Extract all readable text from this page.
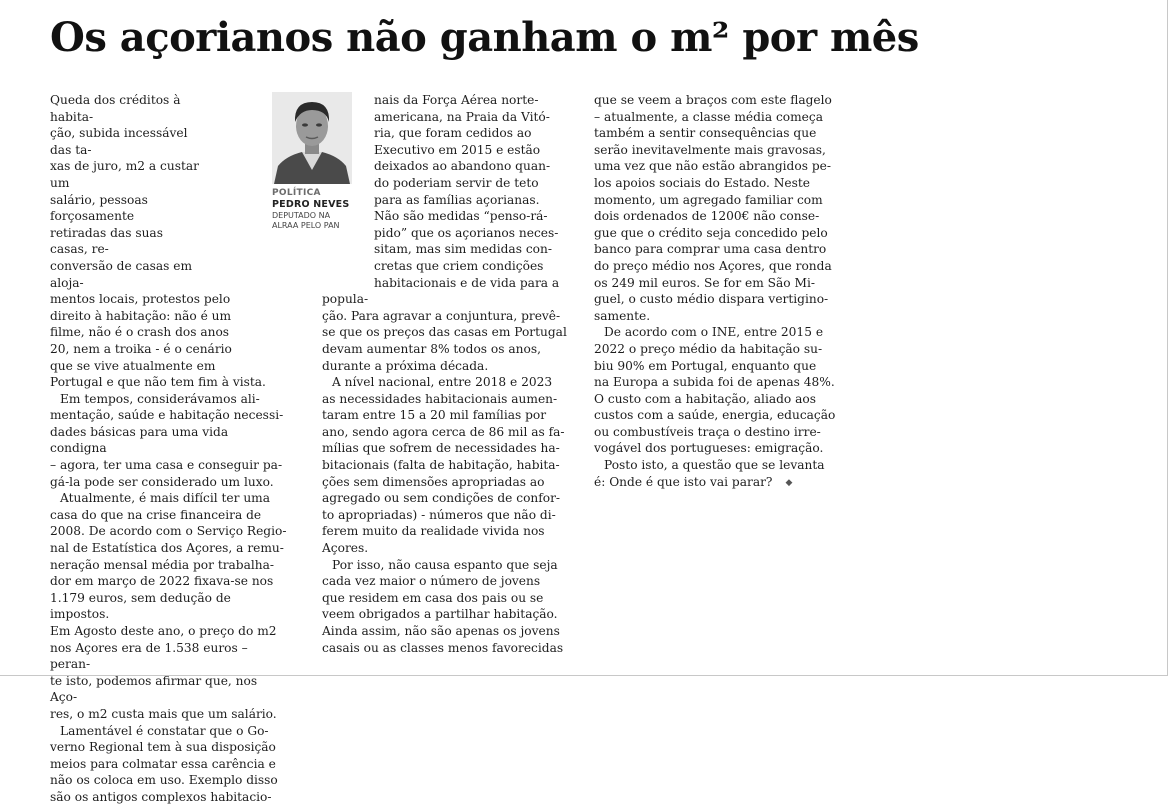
Os açorianos não ganham o m² por mês

Queda dos créditos à habita-
ção, subida incessável das ta-
xas de juro, m2 a custar um
salário, pessoas forçosamente
retiradas das suas casas, re-
conversão de casas em aloja-
mentos locais, protestos pelo
direito à habitação: não é um
filme, não é o crash dos anos
20, nem a troika - é o cenário
que se vive atualmente em
Portugal e que não tem fim à vista.

Em tempos, considerávamos ali-
mentação, saúde e habitação necessi-
dades básicas para uma vida condigna
– agora, ter uma casa e conseguir pa-
gá-la pode ser considerado um luxo.

Atualmente, é mais difícil ter uma
casa do que na crise financeira de
2008. De acordo com o Serviço Regio-
nal de Estatística dos Açores, a remu-
neração mensal média por trabalha-
dor em março de 2022 fixava-se nos
1.179 euros, sem dedução de impostos.
Em Agosto deste ano, o preço do m2
nos Açores era de 1.538 euros – peran-
te isto, podemos afirmar que, nos Aço-
res, o m2 custa mais que um salário.

Lamentável é constatar que o Go-
verno Regional tem à sua disposição
meios para colmatar essa carência e
não os coloca em uso. Exemplo disso
são os antigos complexos habitacio-

POLÍTICA
PEDRO NEVES
DEPUTADO NA
ALRAA PELO PAN

nais da Força Aérea norte-
americana, na Praia da Vitó-
ria, que foram cedidos ao
Executivo em 2015 e estão
deixados ao abandono quan-
do poderiam servir de teto
para as famílias açorianas.
Não são medidas “penso-rá-
pido” que os açorianos neces-
sitam, mas sim medidas con-
cretas que criem condições
habitacionais e de vida para a popula-
ção. Para agravar a conjuntura, prevê-
se que os preços das casas em Portugal
devam aumentar 8% todos os anos,
durante a próxima década.

A nível nacional, entre 2018 e 2023
as necessidades habitacionais aumen-
taram entre 15 a 20 mil famílias por
ano, sendo agora cerca de 86 mil as fa-
mílias que sofrem de necessidades ha-
bitacionais (falta de habitação, habita-
ções sem dimensões apropriadas ao
agregado ou sem condições de confor-
to apropriadas) - números que não di-
ferem muito da realidade vivida nos
Açores.

Por isso, não causa espanto que seja
cada vez maior o número de jovens
que residem em casa dos pais ou se
veem obrigados a partilhar habitação.
Ainda assim, não são apenas os jovens
casais ou as classes menos favorecidas

que se veem a braços com este flagelo
– atualmente, a classe média começa
também a sentir consequências que
serão inevitavelmente mais gravosas,
uma vez que não estão abrangidos pe-
los apoios sociais do Estado. Neste
momento, um agregado familiar com
dois ordenados de 1200€ não conse-
gue que o crédito seja concedido pelo
banco para comprar uma casa dentro
do preço médio nos Açores, que ronda
os 249 mil euros. Se for em São Mi-
guel, o custo médio dispara vertigino-
samente.

De acordo com o INE, entre 2015 e
2022 o preço médio da habitação su-
biu 90% em Portugal, enquanto que
na Europa a subida foi de apenas 48%.
O custo com a habitação, aliado aos
custos com a saúde, energia, educação
ou combustíveis traça o destino irre-
vogável dos portugueses: emigração.

Posto isto, a questão que se levanta
é: Onde é que isto vai parar? ◆
